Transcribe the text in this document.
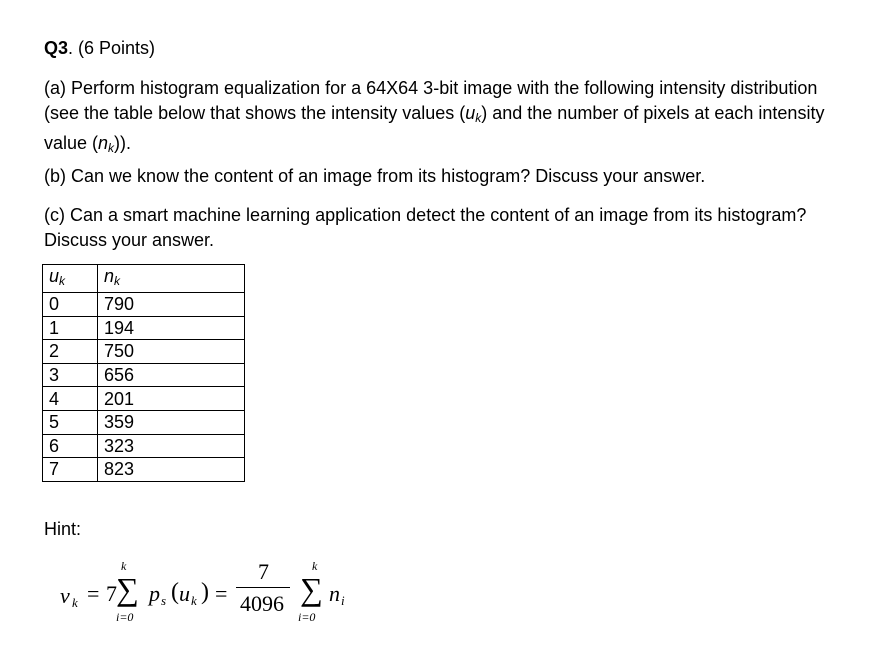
Q3. (6 Points)
(a) Perform histogram equalization for a 64X64 3-bit image with the following intensity distribution (see the table below that shows the intensity values $(u_k)$ and the number of pixels at each intensity value $(n_k)$).
(b) Can we know the content of an image from its histogram? Discuss your answer.
(c) Can a smart machine learning application detect the content of an image from its histogram? Discuss your answer.
$u_k$	$n_k$
0	790
1	194
2	750
3	656
4	201
5	359
6	323
7	823
Hint:
v k = 7
k
∑
i=0
p s ( u k ) =
7
4096
k
∑
i=0
n i
